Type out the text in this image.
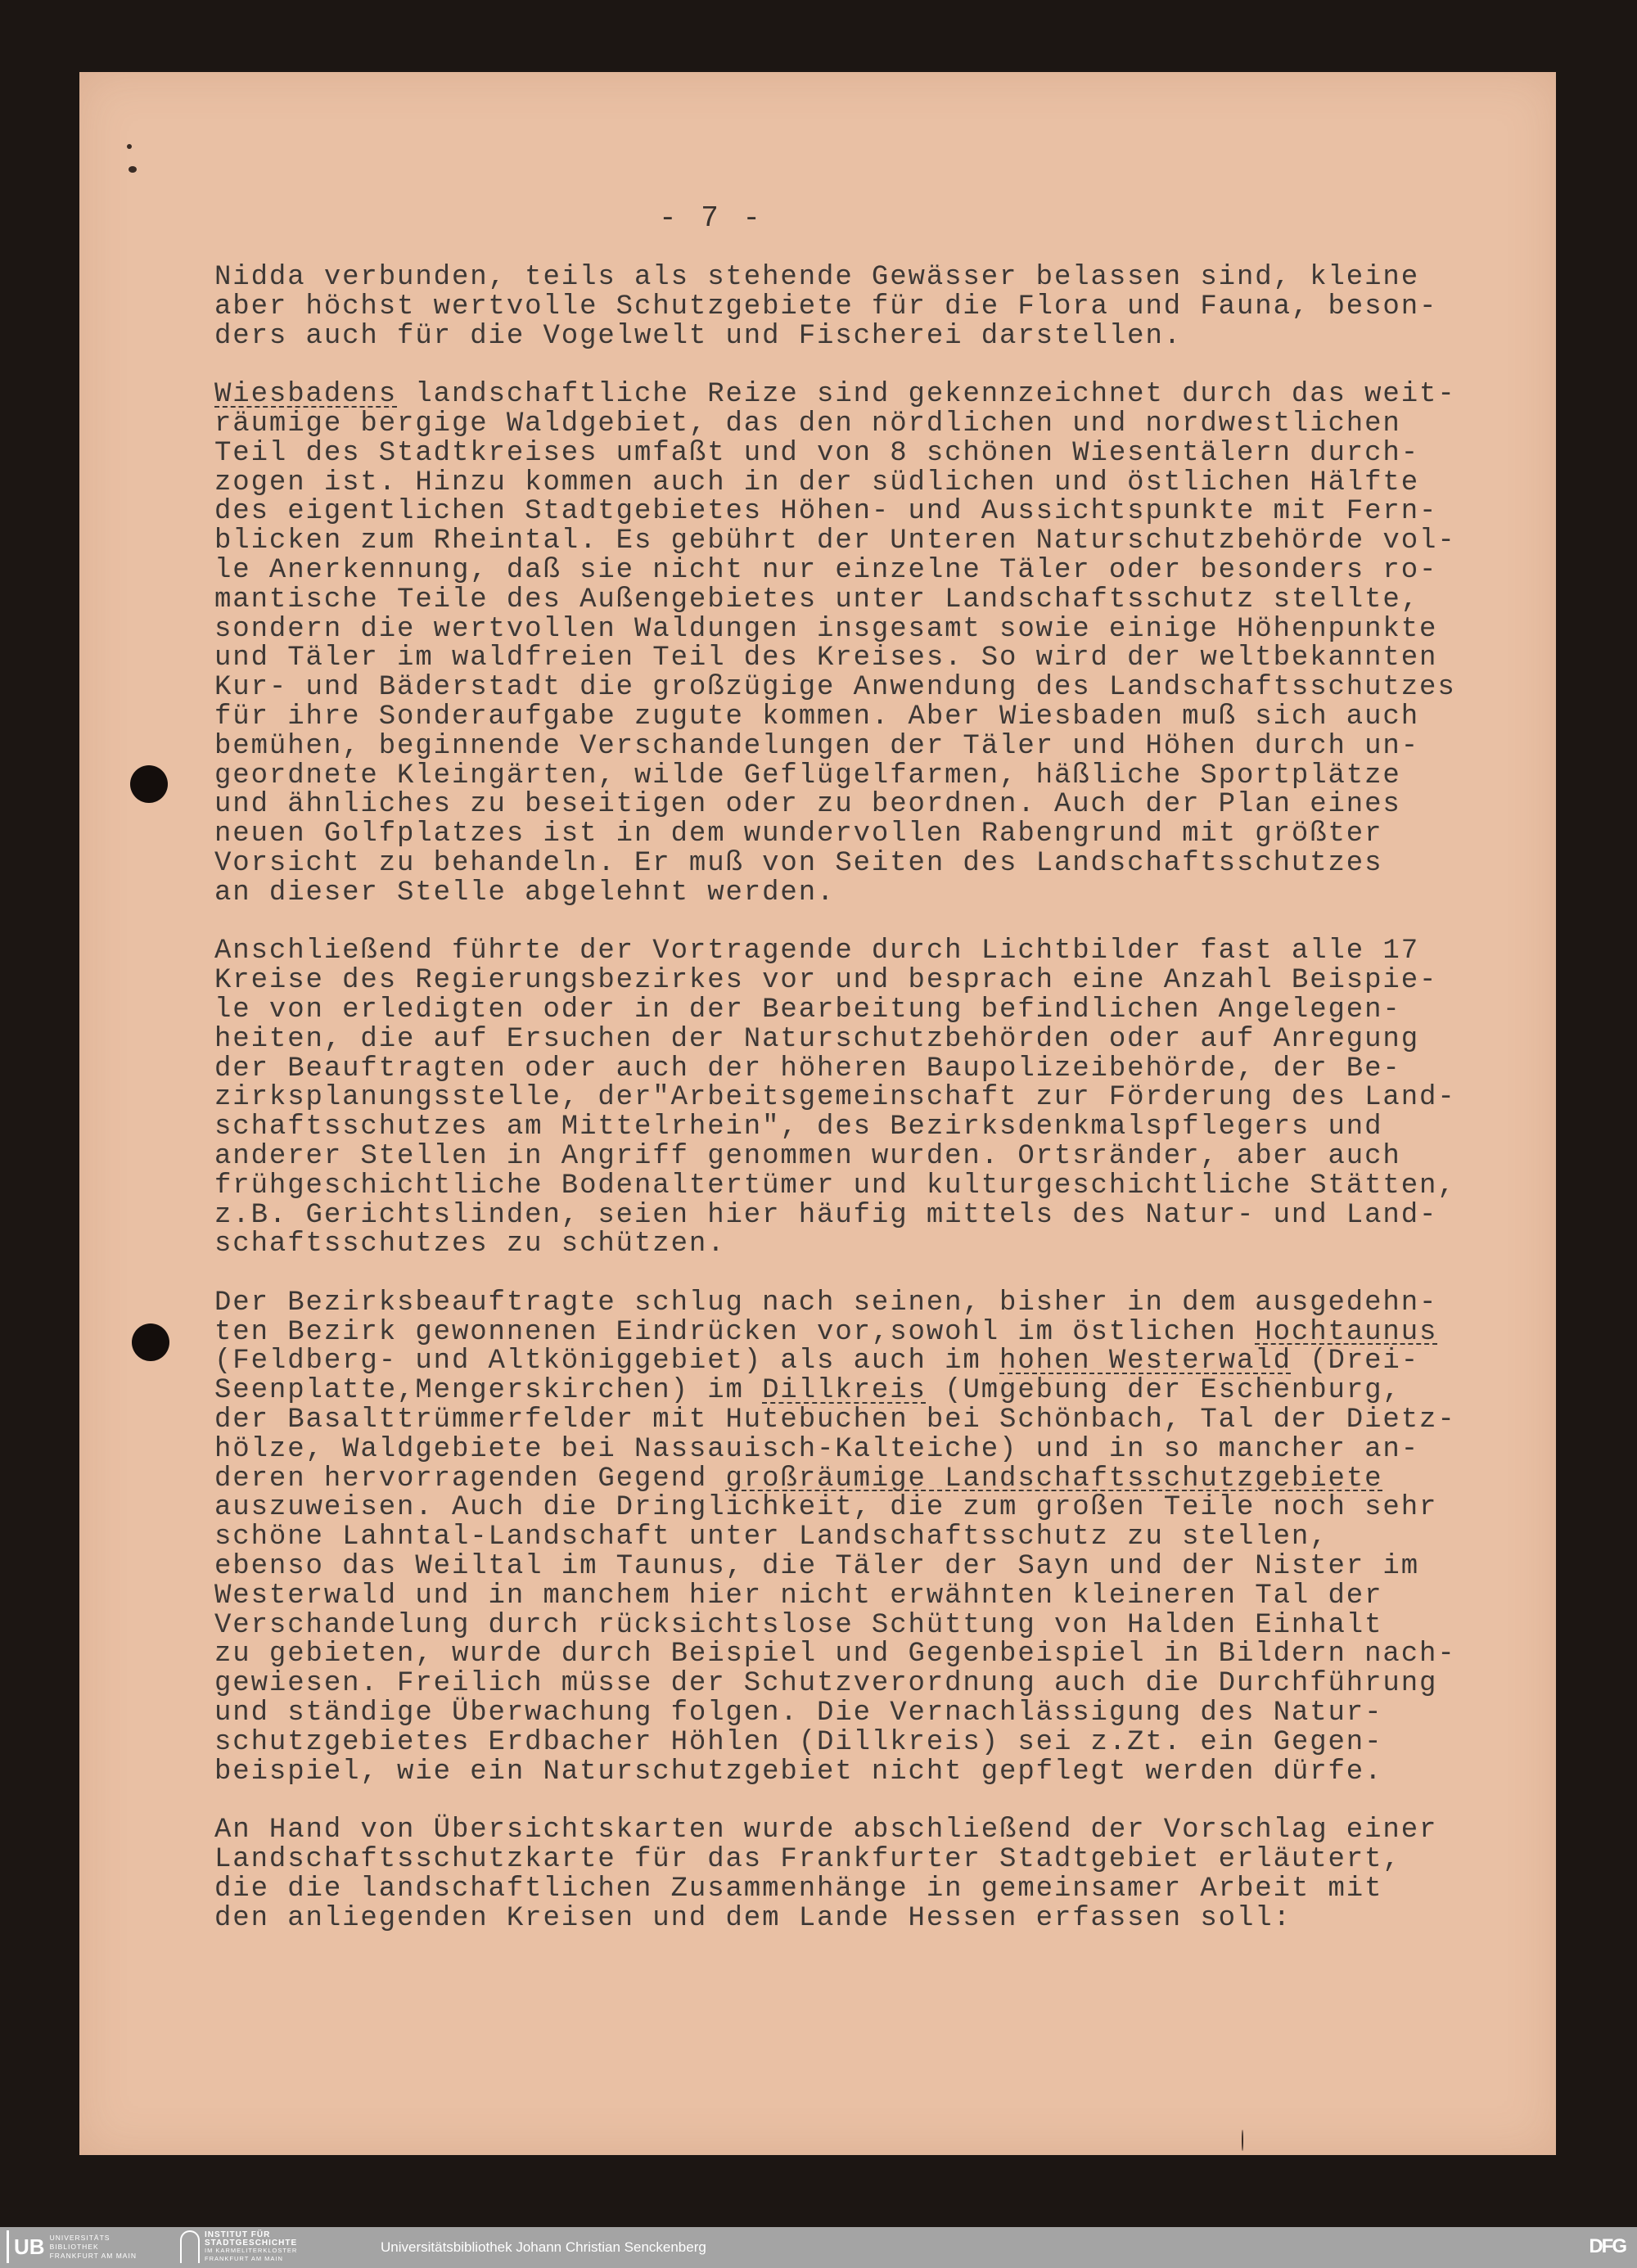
- 7 -
Nidda verbunden, teils als stehende Gewässer belassen sind, kleine
aber höchst wertvolle Schutzgebiete für die Flora und Fauna, beson-
ders auch für die Vogelwelt und Fischerei darstellen.
Wiesbadens landschaftliche Reize sind gekennzeichnet durch das weit-
räumige bergige Waldgebiet, das den nördlichen und nordwestlichen
Teil des Stadtkreises umfaßt und von 8 schönen Wiesentälern durch-
zogen ist. Hinzu kommen auch in der südlichen und östlichen Hälfte
des eigentlichen Stadtgebietes Höhen- und Aussichtspunkte mit Fern-
blicken zum Rheintal. Es gebührt der Unteren Naturschutzbehörde vol-
le Anerkennung, daß sie nicht nur einzelne Täler oder besonders ro-
mantische Teile des Außengebietes unter Landschaftsschutz stellte,
sondern die wertvollen Waldungen insgesamt sowie einige Höhenpunkte
und Täler im waldfreien Teil des Kreises. So wird der weltbekannten
Kur- und Bäderstadt die großzügige Anwendung des Landschaftsschutzes
für ihre Sonderaufgabe zugute kommen. Aber Wiesbaden muß sich auch
bemühen, beginnende Verschandelungen der Täler und Höhen durch un-
geordnete Kleingärten, wilde Geflügelfarmen, häßliche Sportplätze
und ähnliches zu beseitigen oder zu beordnen. Auch der Plan eines
neuen Golfplatzes ist in dem wundervollen Rabengrund mit größter
Vorsicht zu behandeln. Er muß von Seiten des Landschaftsschutzes
an dieser Stelle abgelehnt werden.
Anschließend führte der Vortragende durch Lichtbilder fast alle 17
Kreise des Regierungsbezirkes vor und besprach eine Anzahl Beispie-
le von erledigten oder in der Bearbeitung befindlichen Angelegen-
heiten, die auf Ersuchen der Naturschutzbehörden oder auf Anregung
der Beauftragten oder auch der höheren Baupolizeibehörde, der Be-
zirksplanungsstelle, der"Arbeitsgemeinschaft zur Förderung des Land-
schaftsschutzes am Mittelrhein", des Bezirksdenkmalspflegers und
anderer Stellen in Angriff genommen wurden. Ortsränder, aber auch
frühgeschichtliche Bodenaltertümer und kulturgeschichtliche Stätten,
z.B. Gerichtslinden, seien hier häufig mittels des Natur- und Land-
schaftsschutzes zu schützen.
Der Bezirksbeauftragte schlug nach seinen, bisher in dem ausgedehn-
ten Bezirk gewonnenen Eindrücken vor,sowohl im östlichen Hochtaunus
(Feldberg- und Altköniggebiet) als auch im hohen Westerwald (Drei-
Seenplatte,Mengerskirchen) im Dillkreis (Umgebung der Eschenburg,
der Basalttrümmerfelder mit Hutebuchen bei Schönbach, Tal der Dietz-
hölze, Waldgebiete bei Nassauisch-Kalteiche) und in so mancher an-
deren hervorragenden Gegend großräumige Landschaftsschutzgebiete
auszuweisen. Auch die Dringlichkeit, die zum großen Teile noch sehr
schöne Lahntal-Landschaft unter Landschaftsschutz zu stellen,
ebenso das Weiltal im Taunus, die Täler der Sayn und der Nister im
Westerwald und in manchem hier nicht erwähnten kleineren Tal der
Verschandelung durch rücksichtslose Schüttung von Halden Einhalt
zu gebieten, wurde durch Beispiel und Gegenbeispiel in Bildern nach-
gewiesen. Freilich müsse der Schutzverordnung auch die Durchführung
und ständige Überwachung folgen. Die Vernachlässigung des Natur-
schutzgebietes Erdbacher Höhlen (Dillkreis) sei z.Zt. ein Gegen-
beispiel, wie ein Naturschutzgebiet nicht gepflegt werden dürfe.
An Hand von Übersichtskarten wurde abschließend der Vorschlag einer
Landschaftsschutzkarte für das Frankfurter Stadtgebiet erläutert,
die die landschaftlichen Zusammenhänge in gemeinsamer Arbeit mit
den anliegenden Kreisen und dem Lande Hessen erfassen soll:
UB UNIVERSITÄTS
BIBLIOTHEK
FRANKFURT AM MAIN
INSTITUT FÜR
STADTGESCHICHTE
IM KARMELITERKLOSTER
FRANKFURT AM MAIN
Universitätsbibliothek Johann Christian Senckenberg	DFG
